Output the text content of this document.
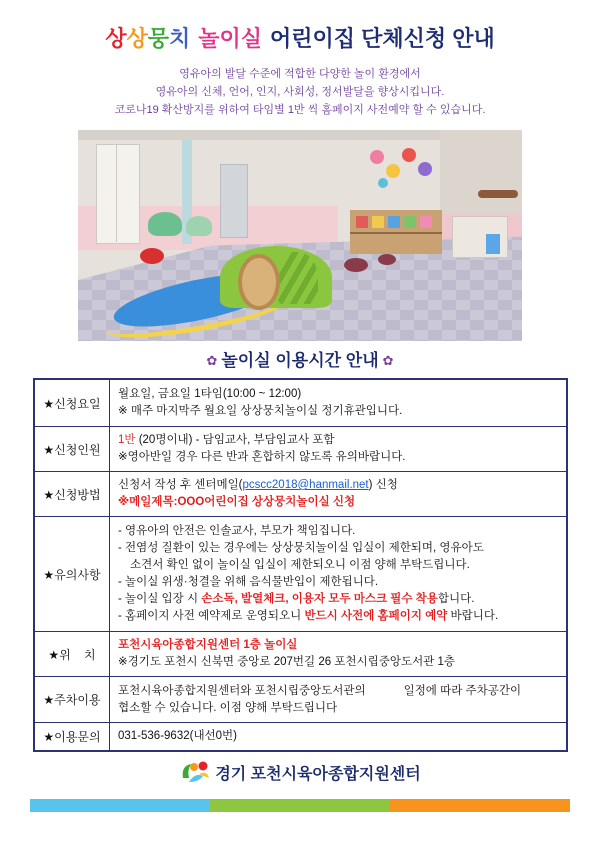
상상뭉치 놀이실 어린이집 단체신청 안내
영유아의 발달 수준에 적합한 다양한 놀이 환경에서
영유아의 신체, 언어, 인지, 사회성, 정서발달을 향상시킵니다.
코로나19 확산방지를 위하여 타임별 1반 씩 홈페이지 사전예약 할 수 있습니다.
✿ 놀이실 이용시간 안내 ✿
★신청요일
월요일, 금요일 1타임(10:00 ~ 12:00)
※ 매주 마지막주 월요일 상상뭉치놀이실 정기휴관입니다.
★신청인원
1반 (20명이내) - 담임교사, 부담임교사 포함
※영아반일 경우 다른 반과 혼합하지 않도록 유의바랍니다.
★신청방법
신청서 작성 후 센터메일(pcscc2018@hanmail.net) 신청
※메일제목:OOO어린이집 상상뭉치놀이실 신청
★유의사항
- 영유아의 안전은 인솔교사, 부모가 책임집니다.
- 전염성 질환이 있는 경우에는 상상뭉치놀이실 입실이 제한되며, 영유아도
소견서 확인 없이 놀이실 입실이 제한되오니 이점 양해 부탁드립니다.
- 놀이실 위생·청결을 위해 음식물반입이 제한됩니다.
- 놀이실 입장 시 손소독, 발열체크, 이용자 모두 마스크 필수 착용합니다.
- 홈페이지 사전 예약제로 운영되오니 반드시 사전에 홈페이지 예약 바랍니다.
★위    치
포천시육아종합지원센터 1층 놀이실
※경기도 포천시 신북면 중앙로 207번길 26 포천시립중앙도서관 1층
★주차이용
포천시육아종합지원센터와 포천시립중앙도서관의	일정에 따라 주차공간이
협소할 수 있습니다. 이점 양해 부탁드립니다
★이용문의	031-536-9632(내선0번)
경기 포천시육아종합지원센터
